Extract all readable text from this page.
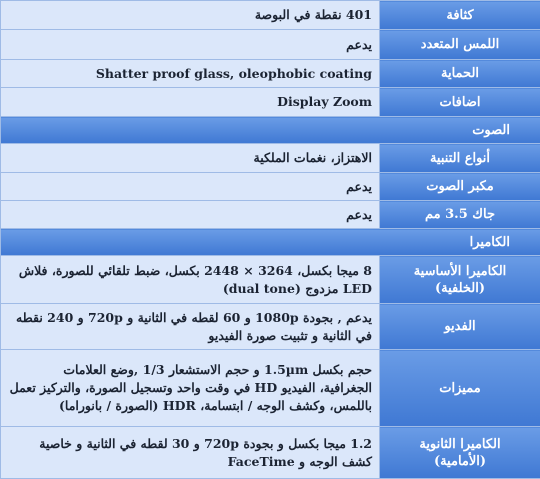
401 نقطة في البوصة	كثافة
يدعم	اللمس المتعدد
Shatter proof glass, oleophobic coating	الحماية
Display Zoom	اضافات
الصوت	
الاهتزاز، نغمات الملكية	أنواع التنبية
يدعم	مكبر الصوت
يدعم	جاك 3.5 مم
الكاميرا	
8 ميجا بكسل، 3264 × 2448 بكسل، ضبط تلقائي للصورة، فلاش LED مزدوج (dual tone)	الكاميرا الأساسية (الخلفية)
يدعم , بجودة 1080p و 60 لقطه في الثانية و 720p و 240 نقطه في الثانية و تثبيت صورة الفيديو	الفديو
حجم بكسل 1.5µm و حجم الاستشعار 1/3 ,وضع العلامات الجغرافية، الفيديو HD في وقت واحد وتسجيل الصورة، والتركيز تعمل باللمس، وكشف الوجه / ابتسامة، HDR (الصورة / بانوراما)	مميزات
1.2 ميجا بكسل و بجودة 720p و 30 لقطه في الثانية و خاصية كشف الوجه و FaceTime	الكاميرا الثانوية (الأمامية)
